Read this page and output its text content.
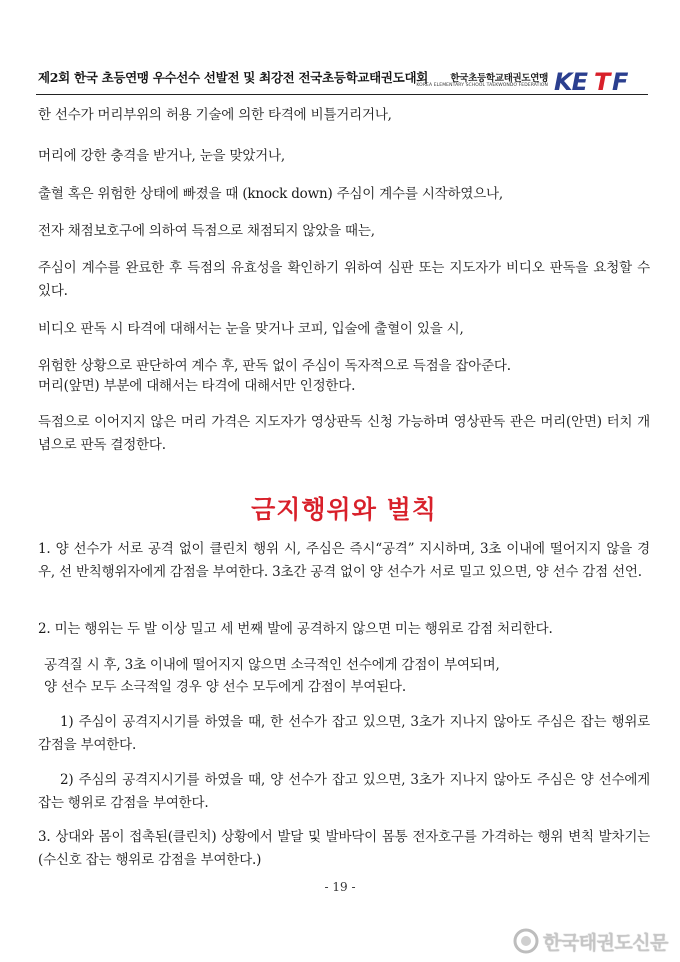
제2회 한국 초등연맹 우수선수 선발전 및 최강전 전국초등학교태권도대회 한국초등학교태권도연맹
KOREA ELEMENTARY SCHOOL TAEKWONDO FEDERATION KE T F
한 선수가 머리부위의 허용 기술에 의한 타격에 비틀거리거나,
머리에 강한 충격을 받거나, 눈을 맞았거나,
출혈 혹은 위험한 상태에 빠졌을 때 (knock down) 주심이 계수를 시작하였으나,
전자 채점보호구에 의하여 득점으로 채점되지 않았을 때는,
주심이 계수를 완료한 후 득점의 유효성을 확인하기 위하여 심판 또는 지도자가 비디오 판독을 요청할 수 있다.
비디오 판독 시 타격에 대해서는 눈을 맞거나 코피, 입술에 출혈이 있을 시,
위험한 상황으로 판단하여 계수 후, 판독 없이 주심이 독자적으로 득점을 잡아준다.
머리(앞면) 부분에 대해서는 타격에 대해서만 인정한다.
득점으로 이어지지 않은 머리 가격은 지도자가 영상판독 신청 가능하며 영상판독 관은 머리(안면) 터치 개념으로 판독 결정한다.
금지행위와 벌칙
1. 양 선수가 서로 공격 없이 클린치 행위 시, 주심은 즉시“공격” 지시하며, 3초 이내에 떨어지지 않을 경우, 선 반칙행위자에게 감점을 부여한다. 3초간 공격 없이 양 선수가 서로 밀고 있으면, 양 선수 감점 선언.
2. 미는 행위는 두 발 이상 밀고 세 번째 발에 공격하지 않으면 미는 행위로 감점 처리한다.
공격질 시 후, 3초 이내에 떨어지지 않으면 소극적인 선수에게 감점이 부여되며,
양 선수 모두 소극적일 경우 양 선수 모두에게 감점이 부여된다.
1) 주심이 공격지시기를 하였을 때, 한 선수가 잡고 있으면, 3초가 지나지 않아도 주심은 잡는 행위로 감점을 부여한다.
2) 주심의 공격지시기를 하였을 때, 양 선수가 잡고 있으면, 3초가 지나지 않아도 주심은 양 선수에게 잡는 행위로 감점을 부여한다.
3. 상대와 몸이 접촉된(클린치) 상황에서 발달 및 발바닥이 몸통 전자호구를 가격하는 행위 변칙 발차기는(수신호 잡는 행위로 감점을 부여한다.)
- 19 -
한국태권도신문
